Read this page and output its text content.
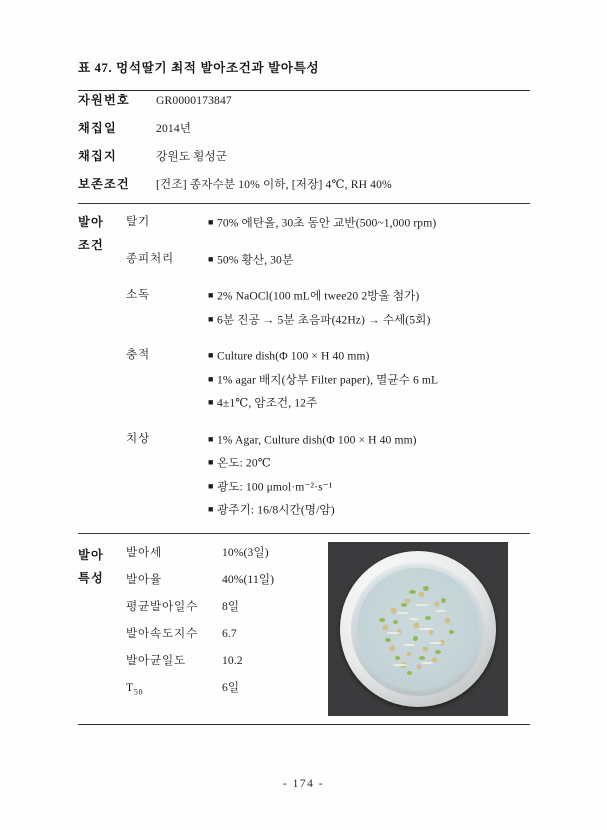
표 47. 멍석딸기 최적 발아조건과 발아특성
자원번호	GR0000173847
채집일	2014년
채집지	강원도 횡성군
보존조건	[건조] 종자수분 10% 이하, [저장] 4℃, RH 40%
발아
조건
탈기	■ 70% 에탄올, 30초 동안 교반(500~1,000 rpm)
종피처리	■ 50% 황산, 30분
소독	■ 2% NaOCl(100 mL에 twee20 2방울 첨가)
■ 6분 진공 → 5분 초음파(42Hz) → 수세(5회)
충적	■ Culture dish(Φ 100 × H 40 mm)
■ 1% agar 배지(상부 Filter paper), 멸균수 6 mL
■ 4±1℃, 암조건, 12주
치상	■ 1% Agar, Culture dish(Φ 100 × H 40 mm)
■ 온도: 20℃
■ 광도: 100 μmol·m⁻²·s⁻¹
■ 광주기: 16/8시간(명/암)
발아
특성
발아세	10%(3일)
발아율	40%(11일)
평균발아일수	8일
발아속도지수	6.7
발아균일도	10.2
$T_{50}$	6일
- 174 -
